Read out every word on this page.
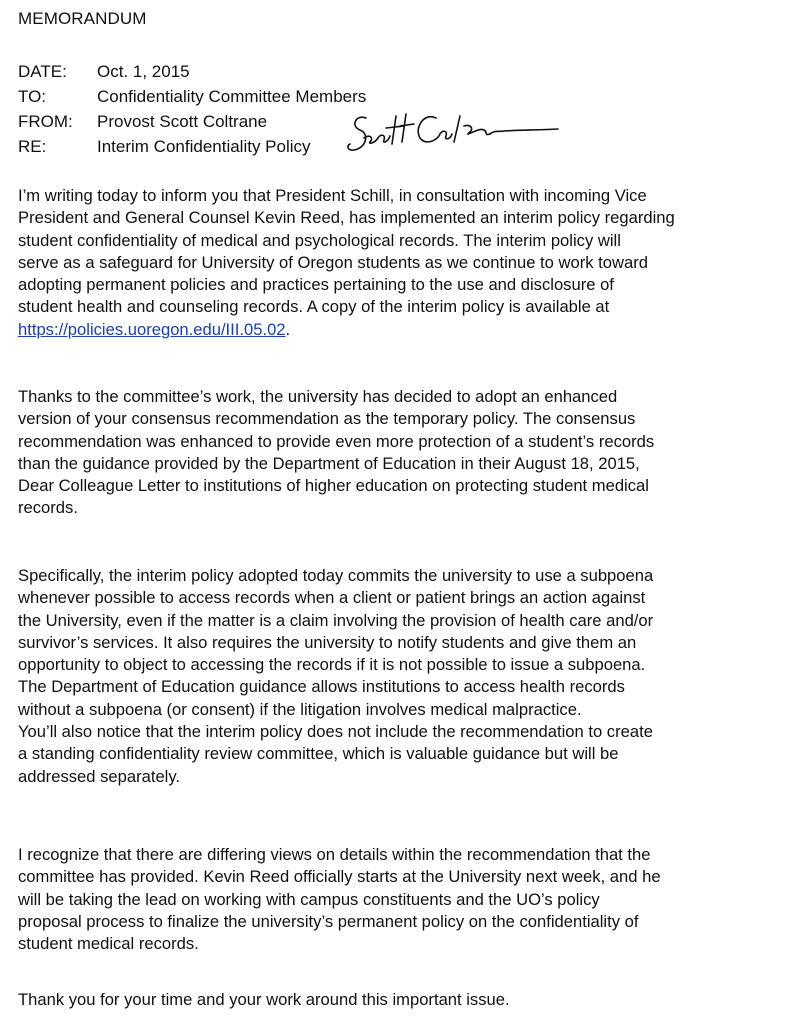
MEMORANDUM
DATE: Oct. 1, 2015
TO:	Confidentiality Committee Members
FROM: Provost Scott Coltrane
RE:	Interim Confidentiality Policy

I’m writing today to inform you that President Schill, in consultation with incoming Vice
President and General Counsel Kevin Reed, has implemented an interim policy regarding
student confidentiality of medical and psychological records. The interim policy will
serve as a safeguard for University of Oregon students as we continue to work toward
adopting permanent policies and practices pertaining to the use and disclosure of
student health and counseling records. A copy of the interim policy is available at
https://policies.uoregon.edu/III.05.02.

Thanks to the committee’s work, the university has decided to adopt an enhanced
version of your consensus recommendation as the temporary policy. The consensus
recommendation was enhanced to provide even more protection of a student’s records
than the guidance provided by the Department of Education in their August 18, 2015,
Dear Colleague Letter to institutions of higher education on protecting student medical
records.

Specifically, the interim policy adopted today commits the university to use a subpoena
whenever possible to access records when a client or patient brings an action against
the University, even if the matter is a claim involving the provision of health care and/or
survivor’s services. It also requires the university to notify students and give them an
opportunity to object to accessing the records if it is not possible to issue a subpoena.
The Department of Education guidance allows institutions to access health records
without a subpoena (or consent) if the litigation involves medical malpractice.
You’ll also notice that the interim policy does not include the recommendation to create
a standing confidentiality review committee, which is valuable guidance but will be
addressed separately.

I recognize that there are differing views on details within the recommendation that the
committee has provided. Kevin Reed officially starts at the University next week, and he
will be taking the lead on working with campus constituents and the UO’s policy
proposal process to finalize the university’s permanent policy on the confidentiality of
student medical records.

Thank you for your time and your work around this important issue.
